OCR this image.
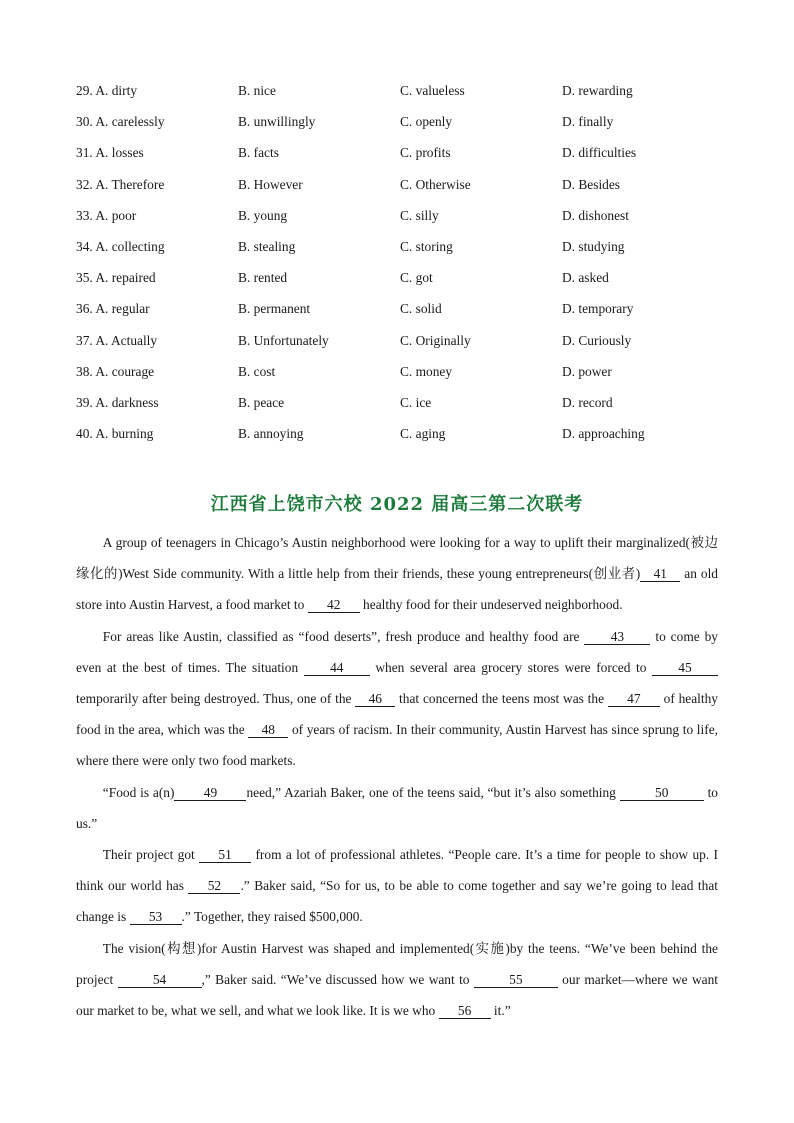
29. A. dirty	B. nice	C. valueless	D. rewarding
30. A. carelessly	B. unwillingly	C. openly	D. finally
31. A. losses	B. facts	C. profits	D. difficulties
32. A. Therefore	B. However	C. Otherwise	D. Besides
33. A. poor	B. young	C. silly	D. dishonest
34. A. collecting	B. stealing	C. storing	D. studying
35. A. repaired	B. rented	C. got	D. asked
36. A. regular	B. permanent	C. solid	D. temporary
37. A. Actually	B. Unfortunately	C. Originally	D. Curiously
38. A. courage	B. cost	C. money	D. power
39. A. darkness	B. peace	C. ice	D. record
40. A. burning	B. annoying	C. aging	D. approaching
江西省上饶市六校 2022 届高三第二次联考

A group of teenagers in Chicago’s Austin neighborhood were looking for a way to uplift their marginalized(被边缘化的)West Side community. With a little help from their friends, these young entrepreneurs(创业者) 41 an old store into Austin Harvest, a food market to 42 healthy food for their undeserved neighborhood.

For areas like Austin, classified as “food deserts”, fresh produce and healthy food are 43 to come by even at the best of times. The situation 44 when several area grocery stores were forced to 45 temporarily after being destroyed. Thus, one of the 46 that concerned the teens most was the 47 of healthy food in the area, which was the 48 of years of racism. In their community, Austin Harvest has since sprung to life, where there were only two food markets.

“Food is a(n) 49 need,” Azariah Baker, one of the teens said, “but it’s also something	50	to us.”

Their project got 51 from a lot of professional athletes. “People care. It’s a time for people to show up. I think our world has 52 .” Baker said, “So for us, to be able to come together and say we’re going to lead that change is 53 .” Together, they raised $500,000.

The vision(构想)for Austin Harvest was shaped and implemented(实施)by the teens. “We’ve been behind the project	54	,” Baker said. “We’ve discussed how we want to	55	our market—where we want our market to be, what we sell, and what we look like. It is we who 56 it.”
